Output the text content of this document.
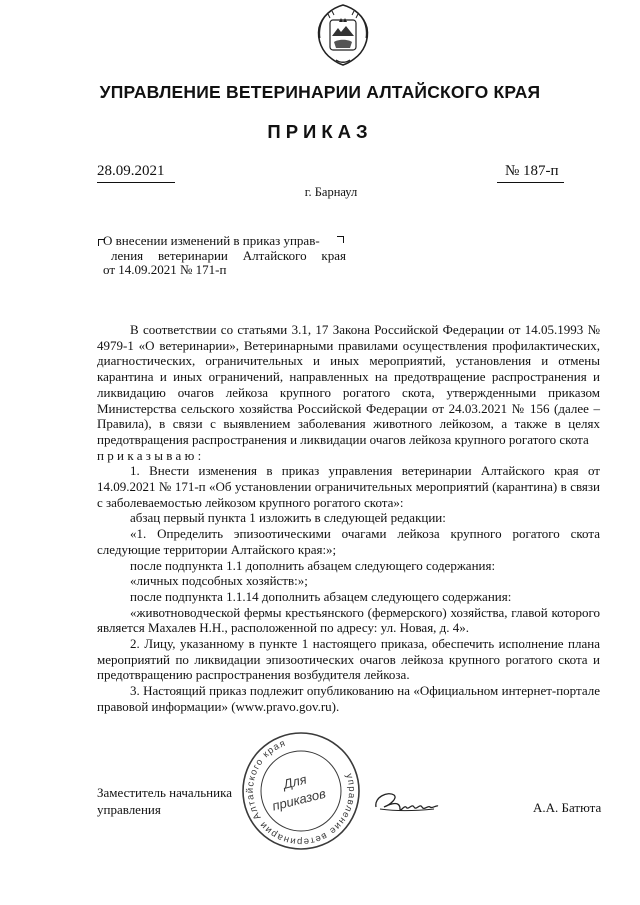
УПРАВЛЕНИЕ ВЕТЕРИНАРИИ АЛТАЙСКОГО КРАЯ
ПРИКАЗ
28.09.2021	№ 187-п
г. Барнаул
О внесении изменений в приказ управ-
ления ветеринарии Алтайского края
от 14.09.2021 № 171-п

В соответствии со статьями 3.1, 17 Закона Российской Федерации от 14.05.1993 № 4979-1 «О ветеринарии», Ветеринарными правилами осуществления профилактических, диагностических, ограничительных и иных мероприятий, установления и отмены карантина и иных ограничений, направленных на предотвращение распространения и ликвидацию очагов лейкоза крупного рогатого скота, утвержденными приказом Министерства сельского хозяйства Российской Федерации от 24.03.2021 № 156 (далее – Правила), в связи с выявлением заболевания животного лейкозом, а также в целях предотвращения распространения и ликвидации очагов лейкоза крупного рогатого скота

приказываю:

1. Внести изменения в приказ управления ветеринарии Алтайского края от 14.09.2021 № 171-п «Об установлении ограничительных мероприятий (карантина) в связи с заболеваемостью лейкозом крупного рогатого скота»:

абзац первый пункта 1 изложить в следующей редакции:

«1. Определить эпизоотическими очагами лейкоза крупного рогатого скота следующие территории Алтайского края:»;

после подпункта 1.1 дополнить абзацем следующего содержания:

«личных подсобных хозяйств:»;

после подпункта 1.1.14 дополнить абзацем следующего содержания:

«животноводческой фермы крестьянского (фермерского) хозяйства, главой которого является Махалев Н.Н., расположенной по адресу: ул. Новая, д. 4».

2. Лицу, указанному в пункте 1 настоящего приказа, обеспечить исполнение плана мероприятий по ликвидации эпизоотических очагов лейкоза крупного рогатого скота и предотвращению распространения возбудителя лейкоза.

3. Настоящий приказ подлежит опубликованию на «Официальном интернет-портале правовой информации» (www.pravo.gov.ru).

Заместитель начальника
управления
управление ветеринарии Алтайского края
Для
приказов	А.А. Батюта
